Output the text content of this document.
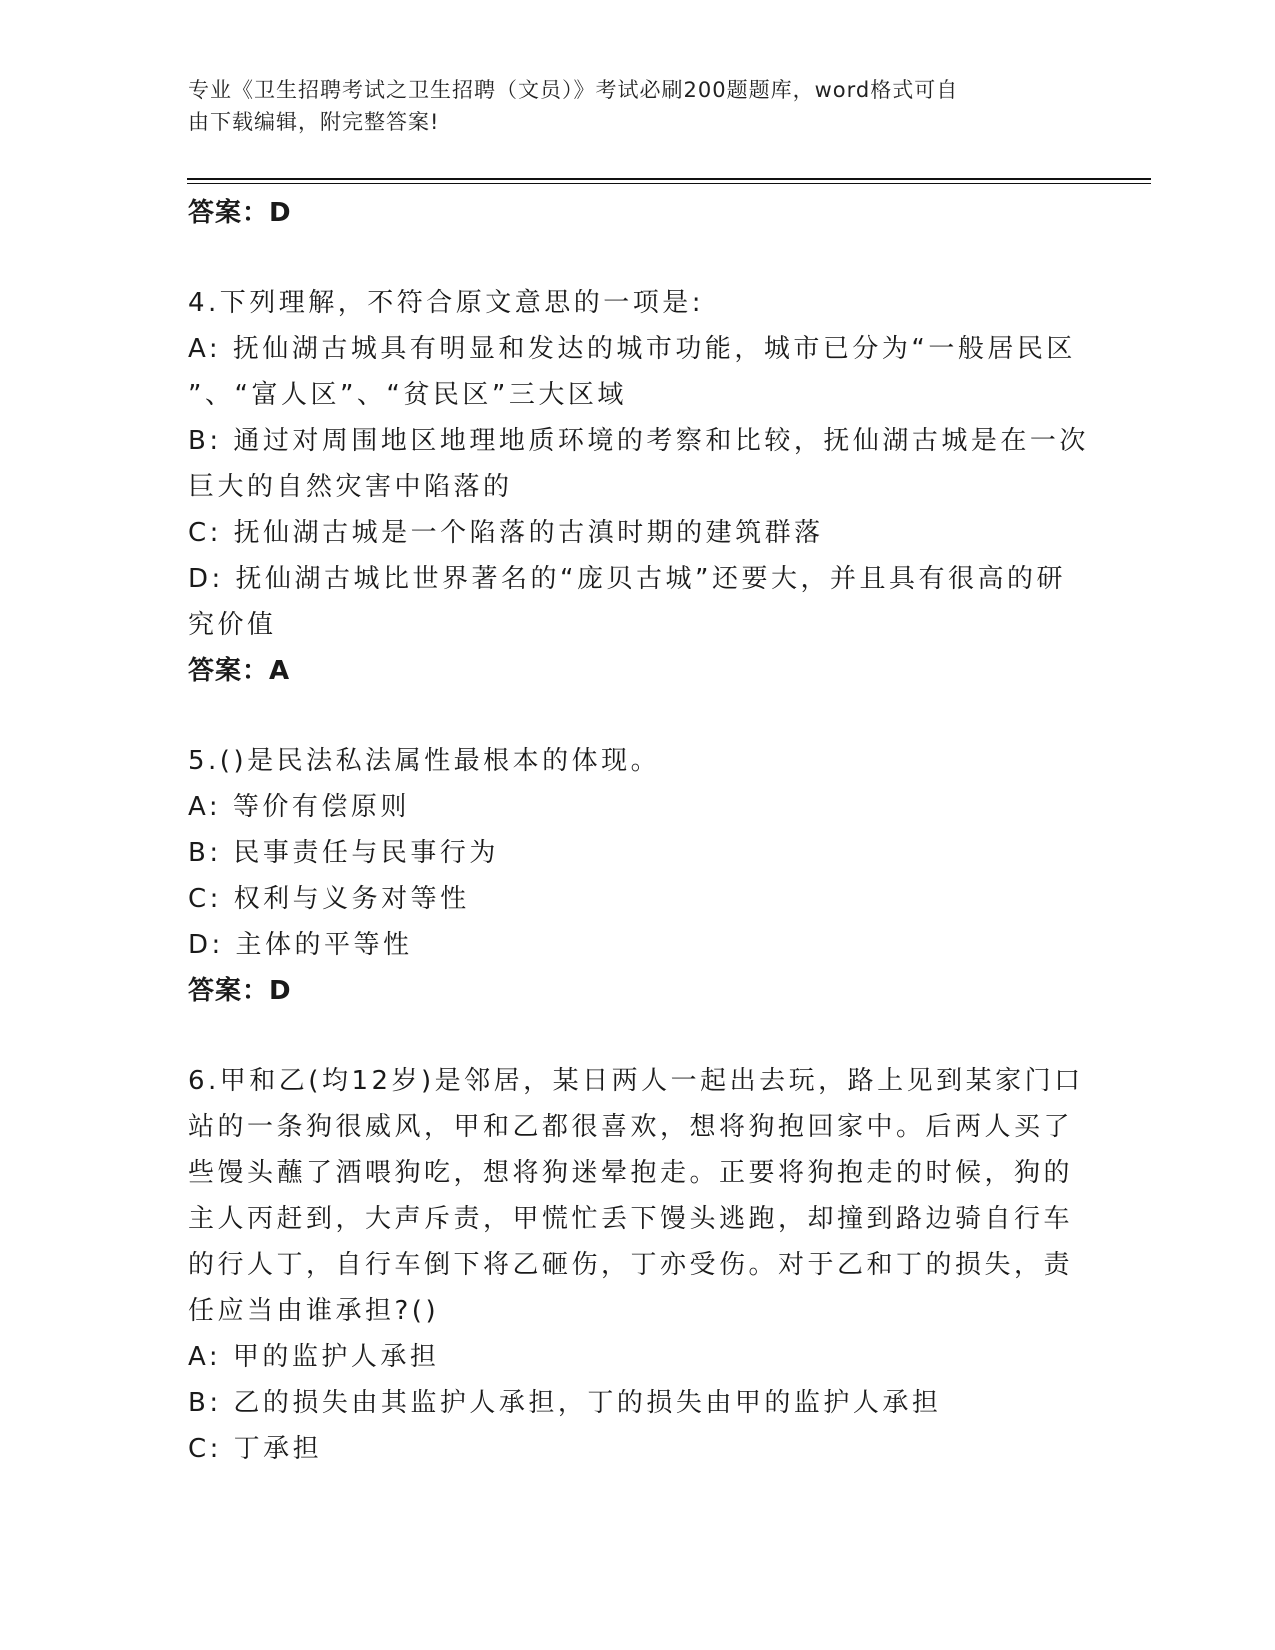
专业《卫生招聘考试之卫生招聘（文员）》考试必刷200题题库，word格式可自
由下载编辑，附完整答案!
答案：D
4.下列理解，不符合原文意思的一项是:
A: 抚仙湖古城具有明显和发达的城市功能，城市已分为“一般居民区
”、“富人区”、“贫民区”三大区域
B: 通过对周围地区地理地质环境的考察和比较，抚仙湖古城是在一次
巨大的自然灾害中陷落的
C: 抚仙湖古城是一个陷落的古滇时期的建筑群落
D: 抚仙湖古城比世界著名的“庞贝古城”还要大，并且具有很高的研
究价值
答案：A
5.()是民法私法属性最根本的体现。
A: 等价有偿原则
B: 民事责任与民事行为
C: 权利与义务对等性
D: 主体的平等性
答案：D
6.甲和乙(均12岁)是邻居，某日两人一起出去玩，路上见到某家门口
站的一条狗很威风，甲和乙都很喜欢，想将狗抱回家中。后两人买了
些馒头蘸了酒喂狗吃，想将狗迷晕抱走。正要将狗抱走的时候，狗的
主人丙赶到，大声斥责，甲慌忙丢下馒头逃跑，却撞到路边骑自行车
的行人丁，自行车倒下将乙砸伤，丁亦受伤。对于乙和丁的损失，责
任应当由谁承担?()
A: 甲的监护人承担
B: 乙的损失由其监护人承担，丁的损失由甲的监护人承担
C: 丁承担
